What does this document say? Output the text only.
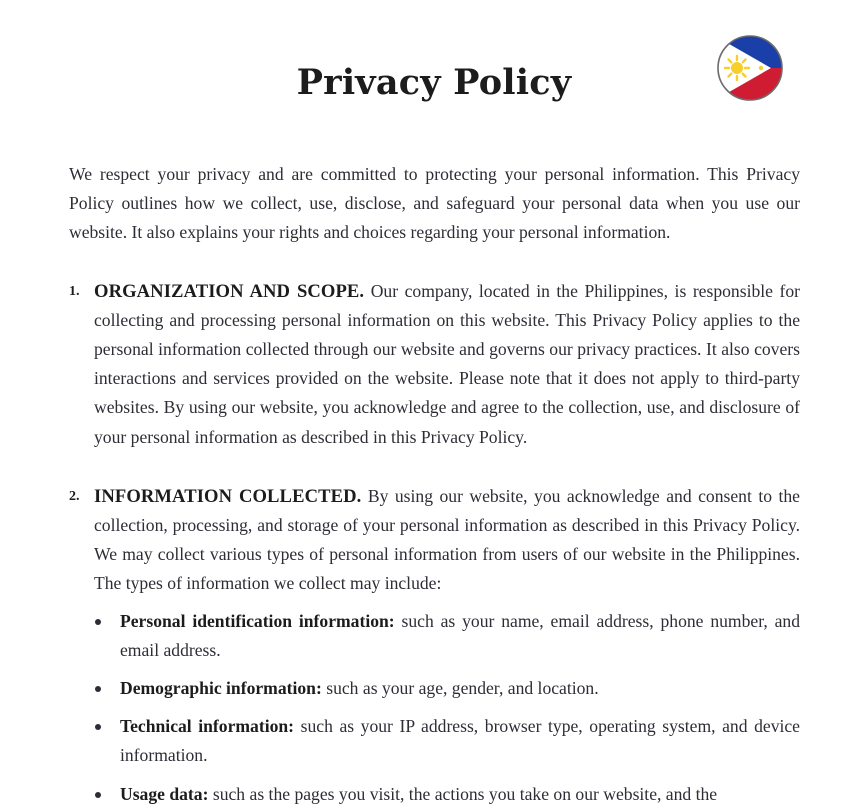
Privacy Policy

We respect your privacy and are committed to protecting your personal information. This Privacy Policy outlines how we collect, use, disclose, and safeguard your personal data when you use our website. It also explains your rights and choices regarding your personal information.

1. ORGANIZATION AND SCOPE. Our company, located in the Philippines, is responsible for collecting and processing personal information on this website. This Privacy Policy applies to the personal information collected through our website and governs our privacy practices. It also covers interactions and services provided on the website. Please note that it does not apply to third-party websites. By using our website, you acknowledge and agree to the collection, use, and disclosure of your personal information as described in this Privacy Policy.

2. INFORMATION COLLECTED. By using our website, you acknowledge and consent to the collection, processing, and storage of your personal information as described in this Privacy Policy. We may collect various types of personal information from users of our website in the Philippines. The types of information we collect may include:

Personal identification information: such as your name, email address, phone number, and email address.
Demographic information: such as your age, gender, and location.
Technical information: such as your IP address, browser type, operating system, and device information.
Usage data: such as the pages you visit, the actions you take on our website, and the
